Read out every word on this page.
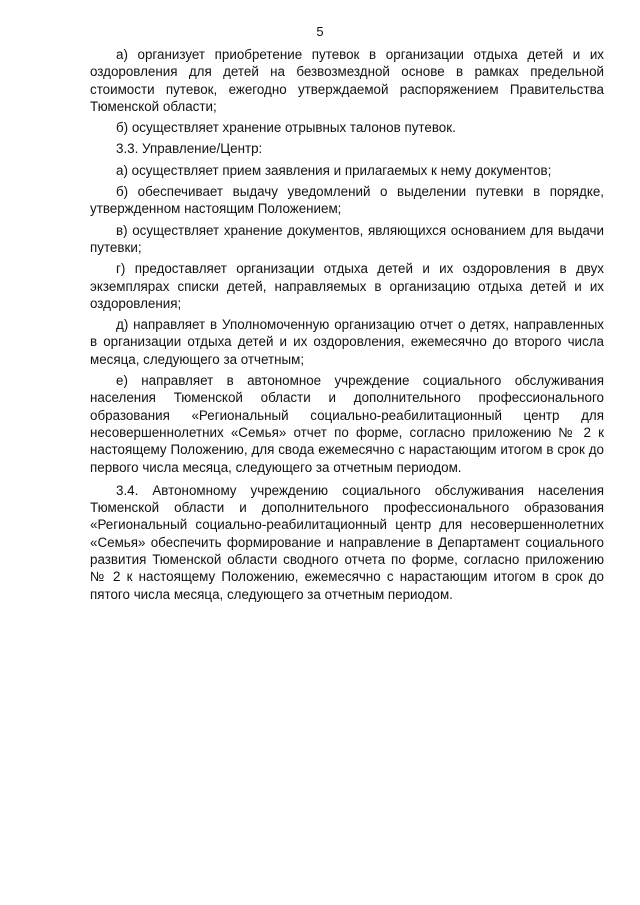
5

а) организует приобретение путевок в организации отдыха детей и их оздоровления для детей на безвозмездной основе в рамках предельной стоимости путевок, ежегодно утверждаемой распоряжением Правительства Тюменской области;

б) осуществляет хранение отрывных талонов путевок.

3.3. Управление/Центр:

а) осуществляет прием заявления и прилагаемых к нему документов;

б) обеспечивает выдачу уведомлений о выделении путевки в порядке, утвержденном настоящим Положением;

в) осуществляет хранение документов, являющихся основанием для выдачи путевки;

г) предоставляет организации отдыха детей и их оздоровления в двух экземплярах списки детей, направляемых в организацию отдыха детей и их оздоровления;

д) направляет в Уполномоченную организацию отчет о детях, направленных в организации отдыха детей и их оздоровления, ежемесячно до второго числа месяца, следующего за отчетным;

е) направляет в автономное учреждение социального обслуживания населения Тюменской области и дополнительного профессионального образования «Региональный социально-реабилитационный центр для несовершеннолетних «Семья» отчет по форме, согласно приложению № 2 к настоящему Положению, для свода ежемесячно с нарастающим итогом в срок до первого числа месяца, следующего за отчетным периодом.

3.4. Автономному учреждению социального обслуживания населения Тюменской области и дополнительного профессионального образования «Региональный социально-реабилитационный центр для несовершеннолетних «Семья» обеспечить формирование и направление в Департамент социального развития Тюменской области сводного отчета по форме, согласно приложению № 2 к настоящему Положению, ежемесячно с нарастающим итогом в срок до пятого числа месяца, следующего за отчетным периодом.
